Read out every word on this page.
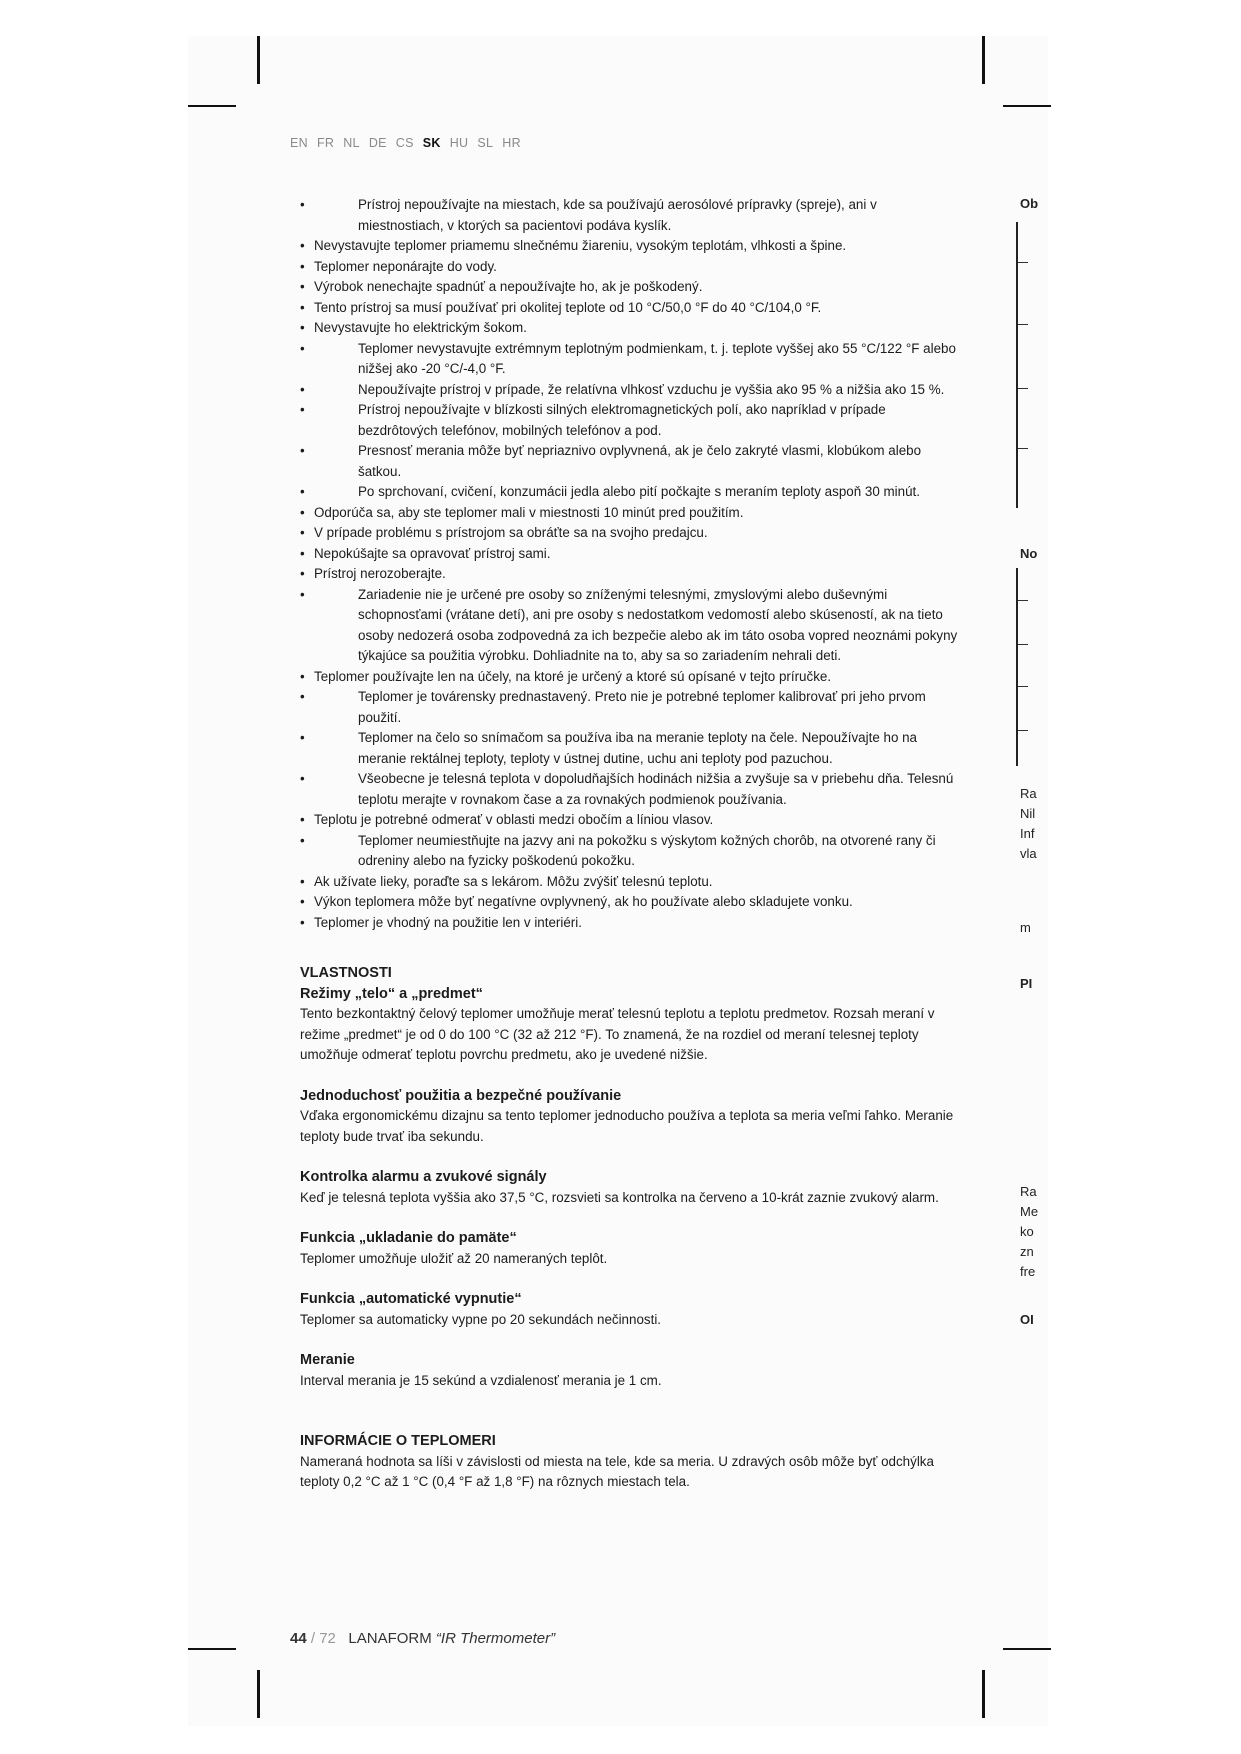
EN FR NL DE CS SK HU SL HR
• Prístroj nepoužívajte na miestach, kde sa používajú aerosólové prípravky (spreje), ani v miestnostiach, v ktorých sa pacientovi podáva kyslík.
• Nevystavujte teplomer priamemu slnečnému žiareniu, vysokým teplotám, vlhkosti a špine.
• Teplomer neponárajte do vody.
• Výrobok nenechajte spadnúť a nepoužívajte ho, ak je poškodený.
• Tento prístroj sa musí používať pri okolitej teplote od 10 °C/50,0 °F do 40 °C/104,0 °F.
• Nevystavujte ho elektrickým šokom.
• Teplomer nevystavujte extrémnym teplotným podmienkam, t. j. teplote vyššej ako 55 °C/122 °F alebo nižšej ako -20 °C/-4,0 °F.
• Nepoužívajte prístroj v prípade, že relatívna vlhkosť vzduchu je vyššia ako 95 % a nižšia ako 15 %.
• Prístroj nepoužívajte v blízkosti silných elektromagnetických polí, ako napríklad v prípade bezdrôtových telefónov, mobilných telefónov a pod.
• Presnosť merania môže byť nepriaznivo ovplyvnená, ak je čelo zakryté vlasmi, klobúkom alebo šatkou.
• Po sprchovaní, cvičení, konzumácii jedla alebo pití počkajte s meraním teploty aspoň 30 minút.
• Odporúča sa, aby ste teplomer mali v miestnosti 10 minút pred použitím.
• V prípade problému s prístrojom sa obráťte sa na svojho predajcu.
• Nepokúšajte sa opravovať prístroj sami.
• Prístroj nerozoberajte.
• Zariadenie nie je určené pre osoby so zníženými telesnými, zmyslovými alebo duševnými schopnosťami (vrátane detí), ani pre osoby s nedostatkom vedomostí alebo skúseností, ak na tieto osoby nedozerá osoba zodpovedná za ich bezpečie alebo ak im táto osoba vopred neoznámi pokyny týkajúce sa použitia výrobku. Dohliadnite na to, aby sa so zariadením nehrali deti.
• Teplomer používajte len na účely, na ktoré je určený a ktoré sú opísané v tejto príručke.
• Teplomer je továrensky prednastavený. Preto nie je potrebné teplomer kalibrovať pri jeho prvom použití.
• Teplomer na čelo so snímačom sa používa iba na meranie teploty na čele. Nepoužívajte ho na meranie rektálnej teploty, teploty v ústnej dutine, uchu ani teploty pod pazuchou.
• Všeobecne je telesná teplota v dopoludňajších hodinách nižšia a zvyšuje sa v priebehu dňa. Telesnú teplotu merajte v rovnakom čase a za rovnakých podmienok používania.
• Teplotu je potrebné odmerať v oblasti medzi obočím a líniou vlasov.
• Teplomer neumiestňujte na jazvy ani na pokožku s výskytom kožných chorôb, na otvorené rany či odreniny alebo na fyzicky poškodenú pokožku.
• Ak užívate lieky, poraďte sa s lekárom. Môžu zvýšiť telesnú teplotu.
• Výkon teplomera môže byť negatívne ovplyvnený, ak ho používate alebo skladujete vonku.
• Teplomer je vhodný na použitie len v interiéri.
VLASTNOSTI
Režimy „telo“ a „predmet“

Tento bezkontaktný čelový teplomer umožňuje merať telesnú teplotu a teplotu predmetov. Rozsah meraní v režime „predmet“ je od 0 do 100 °C (32 až 212 °F). To znamená, že na rozdiel od meraní telesnej teploty umožňuje odmerať teplotu povrchu predmetu, ako je uvedené nižšie.

Jednoduchosť použitia a bezpečné používanie

Vďaka ergonomickému dizajnu sa tento teplomer jednoducho používa a teplota sa meria veľmi ľahko. Meranie teploty bude trvať iba sekundu.

Kontrolka alarmu a zvukové signály

Keď je telesná teplota vyššia ako 37,5 °C, rozsvieti sa kontrolka na červeno a 10-krát zaznie zvukový alarm.

Funkcia „ukladanie do pamäte“

Teplomer umožňuje uložiť až 20 nameraných teplôt.

Funkcia „automatické vypnutie“

Teplomer sa automaticky vypne po 20 sekundách nečinnosti.

Meranie

Interval merania je 15 sekúnd a vzdialenosť merania je 1 cm.

INFORMÁCIE O TEPLOMERI

Nameraná hodnota sa líši v závislosti od miesta na tele, kde sa meria. U zdravých osôb môže byť odchýlka teploty 0,2 °C až 1 °C (0,4 °F až 1,8 °F) na rôznych miestach tela.

Ob
No
Ra
Nil
Inf
vla
m
PI
Ra
Me
ko
zn
fre
OI
44 / 72 LANAFORM “IR Thermometer”
